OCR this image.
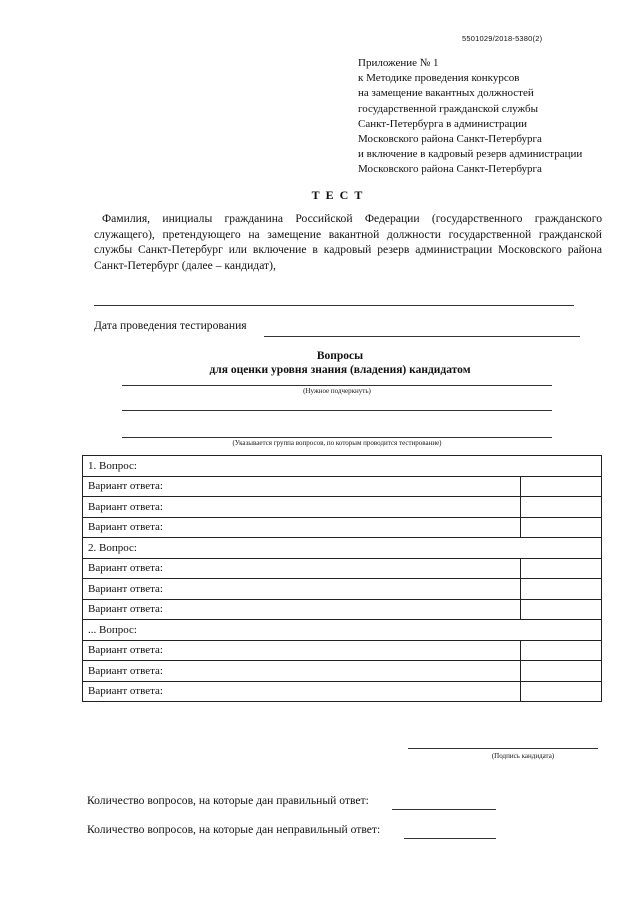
5501029/2018-5380(2)
Приложение № 1
к Методике проведения конкурсов
на замещение вакантных должностей
государственной гражданской службы
Санкт-Петербурга в администрации
Московского района Санкт-Петербурга
и включение в кадровый резерв администрации
Московского района Санкт-Петербурга
ТЕСТ
Фамилия, инициалы гражданина Российской Федерации (государственного гражданского служащего), претендующего на замещение вакантной должности государственной гражданской службы Санкт-Петербург или включение в кадровый резерв администрации Московского района Санкт-Петербург (далее – кандидат),
Дата проведения тестирования
Вопросы
для оценки уровня знания (владения) кандидатом
(Нужное подчеркнуть)
(Указывается группа вопросов, по которым проводится тестирование)
1. Вопрос:	
Вариант ответа:	
Вариант ответа:	
Вариант ответа:	
2. Вопрос:	
Вариант ответа:	
Вариант ответа:	
Вариант ответа:	
... Вопрос:	
Вариант ответа:	
Вариант ответа:	
Вариант ответа:	
(Подпись кандидата)
Количество вопросов, на которые дан правильный ответ:
Количество вопросов, на которые дан неправильный ответ:
